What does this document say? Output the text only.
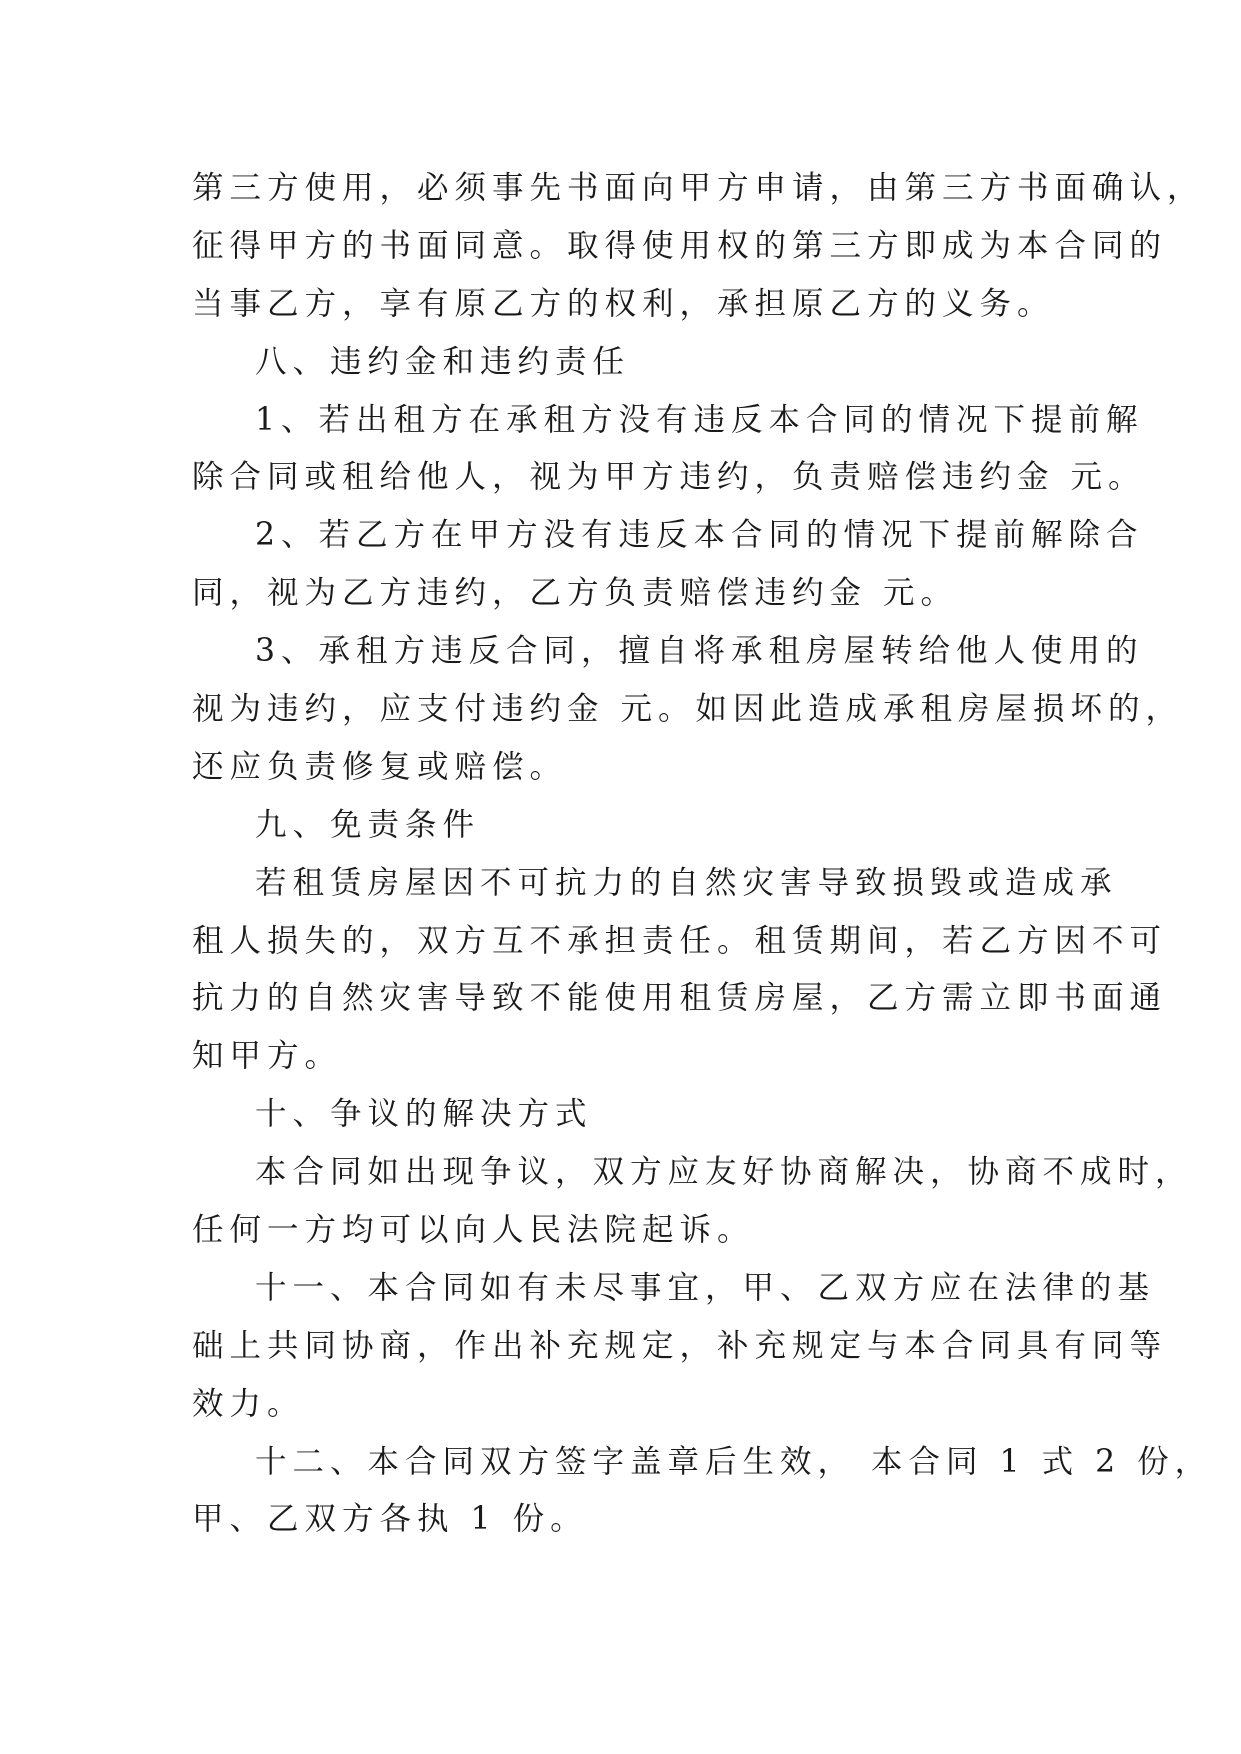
第三方使用，必须事先书面向甲方申请，由第三方书面确认，
征得甲方的书面同意。取得使用权的第三方即成为本合同的
当事乙方，享有原乙方的权利，承担原乙方的义务。
八、违约金和违约责任
1、若出租方在承租方没有违反本合同的情况下提前解
除合同或租给他人，视为甲方违约，负责赔偿违约金 元。
2、若乙方在甲方没有违反本合同的情况下提前解除合
同，视为乙方违约，乙方负责赔偿违约金 元。
3、承租方违反合同，擅自将承租房屋转给他人使用的
视为违约，应支付违约金 元。如因此造成承租房屋损坏的，
还应负责修复或赔偿。
九、免责条件
若租赁房屋因不可抗力的自然灾害导致损毁或造成承
租人损失的，双方互不承担责任。租赁期间，若乙方因不可
抗力的自然灾害导致不能使用租赁房屋，乙方需立即书面通
知甲方。
十、争议的解决方式
本合同如出现争议，双方应友好协商解决，协商不成时，
任何一方均可以向人民法院起诉。
十一、本合同如有未尽事宜，甲、乙双方应在法律的基
础上共同协商，作出补充规定，补充规定与本合同具有同等
效力。
十二、本合同双方签字盖章后生效， 本合同 1 式 2 份，
甲、乙双方各执 1 份。
